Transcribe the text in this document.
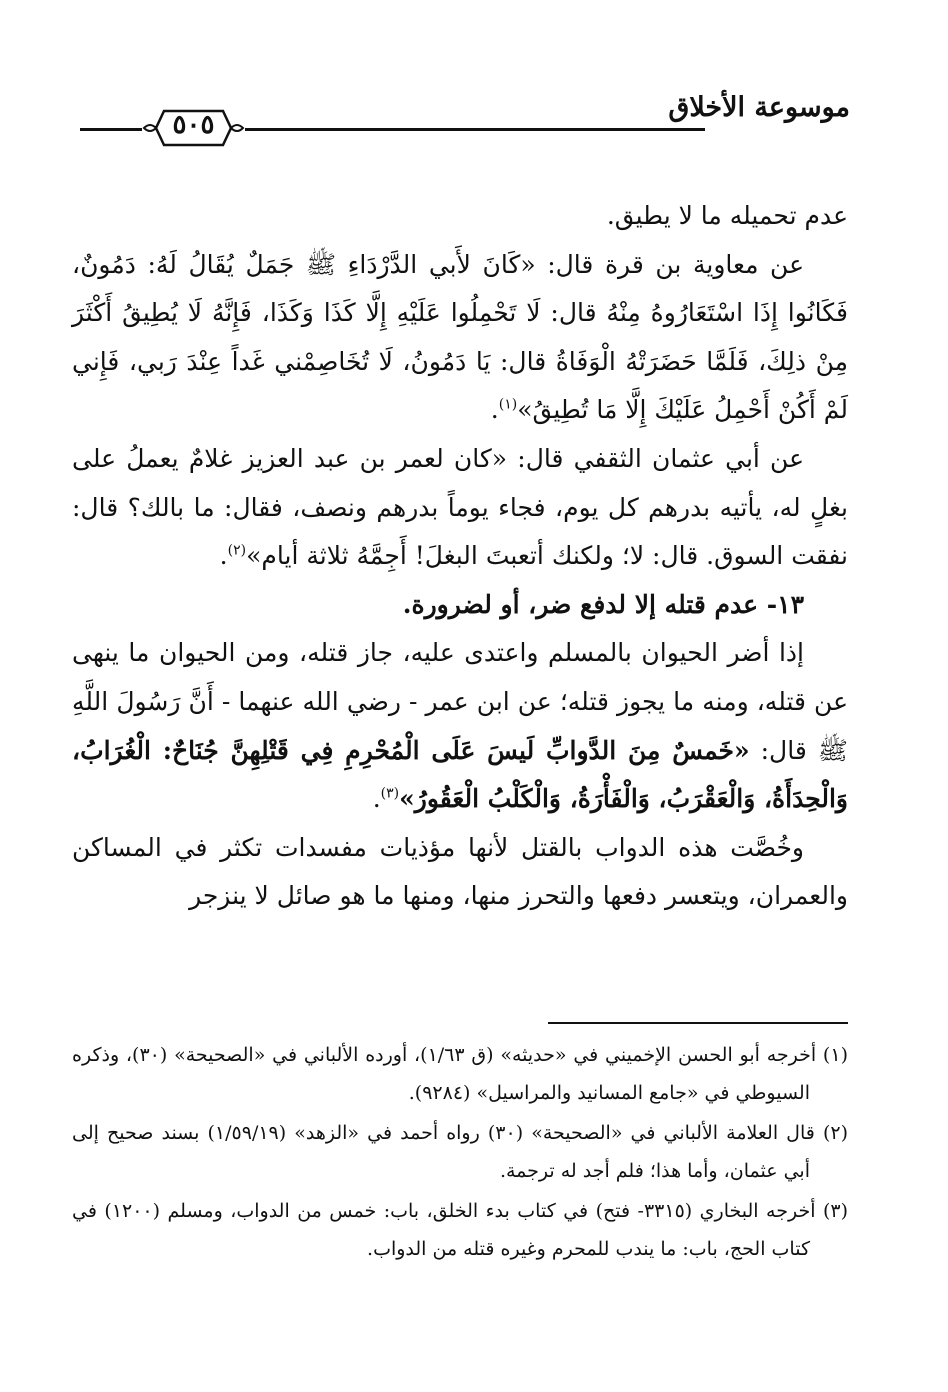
موسوعة الأخلاق
٥٠٥

عدم تحميله ما لا يطيق.

عن معاوية بن قرة قال: «كَانَ لأَبي الدَّرْدَاءِ ﷺ جَمَلٌ يُقَالُ لَهُ: دَمُونٌ، فَكَانُوا إِذَا اسْتَعَارُوهُ مِنْهُ قال: لَا تَحْمِلُوا عَلَيْهِ إِلَّا كَذَا وَكَذَا، فَإِنَّهُ لَا يُطِيقُ أَكْثَرَ مِنْ ذلِكَ، فَلَمَّا حَضَرَتْهُ الْوَفَاةُ قال: يَا دَمُونُ، لَا تُخَاصِمْني غَداً عِنْدَ رَبي، فَإِني لَمْ أَكُنْ أَحْمِلُ عَلَيْكَ إِلَّا مَا تُطِيقُ»$^{(١)}$.

عن أبي عثمان الثقفي قال: «كان لعمر بن عبد العزيز غلامٌ يعملُ على بغلٍ له، يأتيه بدرهم كل يوم، فجاء يوماً بدرهم ونصف، فقال: ما بالك؟ قال: نفقت السوق. قال: لا؛ ولكنك أتعبتَ البغلَ! أَجِمَّهُ ثلاثة أيام»$^{(٢)}$.

١٣- عدم قتله إلا لدفع ضر، أو لضرورة.

إذا أضر الحيوان بالمسلم واعتدى عليه، جاز قتله، ومن الحيوان ما ينهى عن قتله، ومنه ما يجوز قتله؛ عن ابن عمر - رضي الله عنهما - أَنَّ رَسُولَ اللَّهِ ﷺ قال: «خَمسٌ مِنَ الدَّوابِّ لَيسَ عَلَى الْمُحْرِمِ فِي قَتْلِهِنَّ جُنَاحٌ: الْغُرَابُ، وَالْحِدَأَةُ، وَالْعَقْرَبُ، وَالْفَأْرَةُ، وَالْكَلْبُ الْعَقُورُ»$^{(٣)}$.

وخُصَّت هذه الدواب بالقتل لأنها مؤذيات مفسدات تكثر في المساكن والعمران، ويتعسر دفعها والتحرز منها، ومنها ما هو صائل لا ينزجر

(١) أخرجه أبو الحسن الإخميني في «حديثه» (ق ١/٦٣)، أورده الألباني في «الصحيحة» (٣٠)، وذكره السيوطي في «جامع المسانيد والمراسيل» (٩٢٨٤).

(٢) قال العلامة الألباني في «الصحيحة» (٣٠) رواه أحمد في «الزهد» (١/٥٩/١٩) بسند صحيح إلى أبي عثمان، وأما هذا؛ فلم أجد له ترجمة.

(٣) أخرجه البخاري (٣٣١٥- فتح) في كتاب بدء الخلق، باب: خمس من الدواب، ومسلم (١٢٠٠) في كتاب الحج، باب: ما يندب للمحرم وغيره قتله من الدواب.
